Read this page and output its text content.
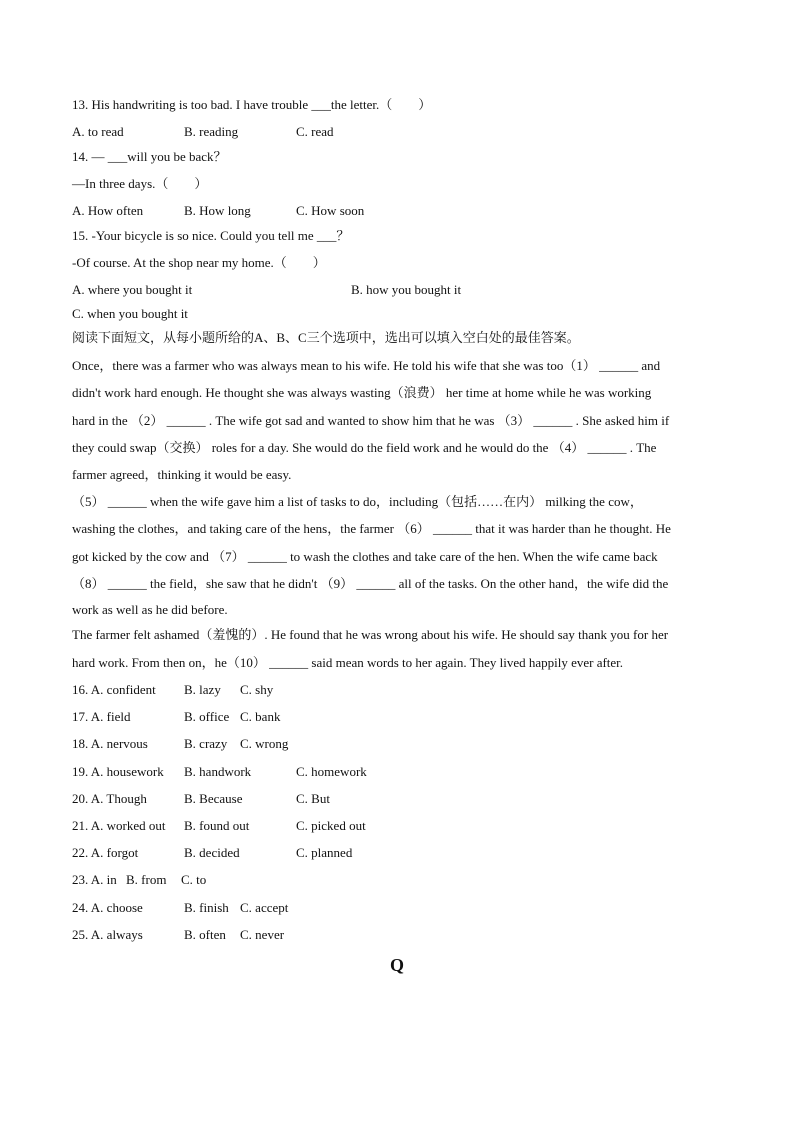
13. His handwriting is too bad. I have trouble ___the letter.（　　）
A. to read	B. reading	C. read
14. — ___will you be back？
—In three days.（　　）
A. How often	B. How long	C. How soon
15. -Your bicycle is so nice. Could you tell me ___？
-Of course. At the shop near my home.（　　）
A. where you bought it	B. how you bought it
C. when you bought it
阅读下面短文，从每小题所给的A、B、C三个选项中，选出可以填入空白处的最佳答案。
Once，there was a farmer who was always mean to his wife. He told his wife that she was too（1） ______ and
didn't work hard enough. He thought she was always wasting（浪费） her time at home while he was working
hard in the （2） ______ . The wife got sad and wanted to show him that he was （3） ______ . She asked him if
they could swap（交换） roles for a day. She would do the field work and he would do the （4） ______ . The
farmer agreed，thinking it would be easy.
（5） ______ when the wife gave him a list of tasks to do，including（包括……在内） milking the cow，
washing the clothes，and taking care of the hens，the farmer （6） ______ that it was harder than he thought. He
got kicked by the cow and （7） ______ to wash the clothes and take care of the hen. When the wife came back
（8） ______ the field，she saw that he didn't （9） ______ all of the tasks. On the other hand，the wife did the
work as well as he did before.
The farmer felt ashamed（羞愧的）. He found that he was wrong about his wife. He should say thank you for her
hard work. From then on，he（10） ______ said mean words to her again. They lived happily ever after.
16. A. confident B. lazy C. shy
17. A. field	B. office C. bank
18. A. nervous	B. crazy C. wrong
19. A. housework B. handwork	C. homework
20. A. Though	B. Because	C. But
21. A. worked out B. found out	C. picked out
22. A. forgot	B. decided	C. planned
23. A. in B. from C. to
24. A. choose	B. finish C. accept
25. A. always	B. often C. never
Q
